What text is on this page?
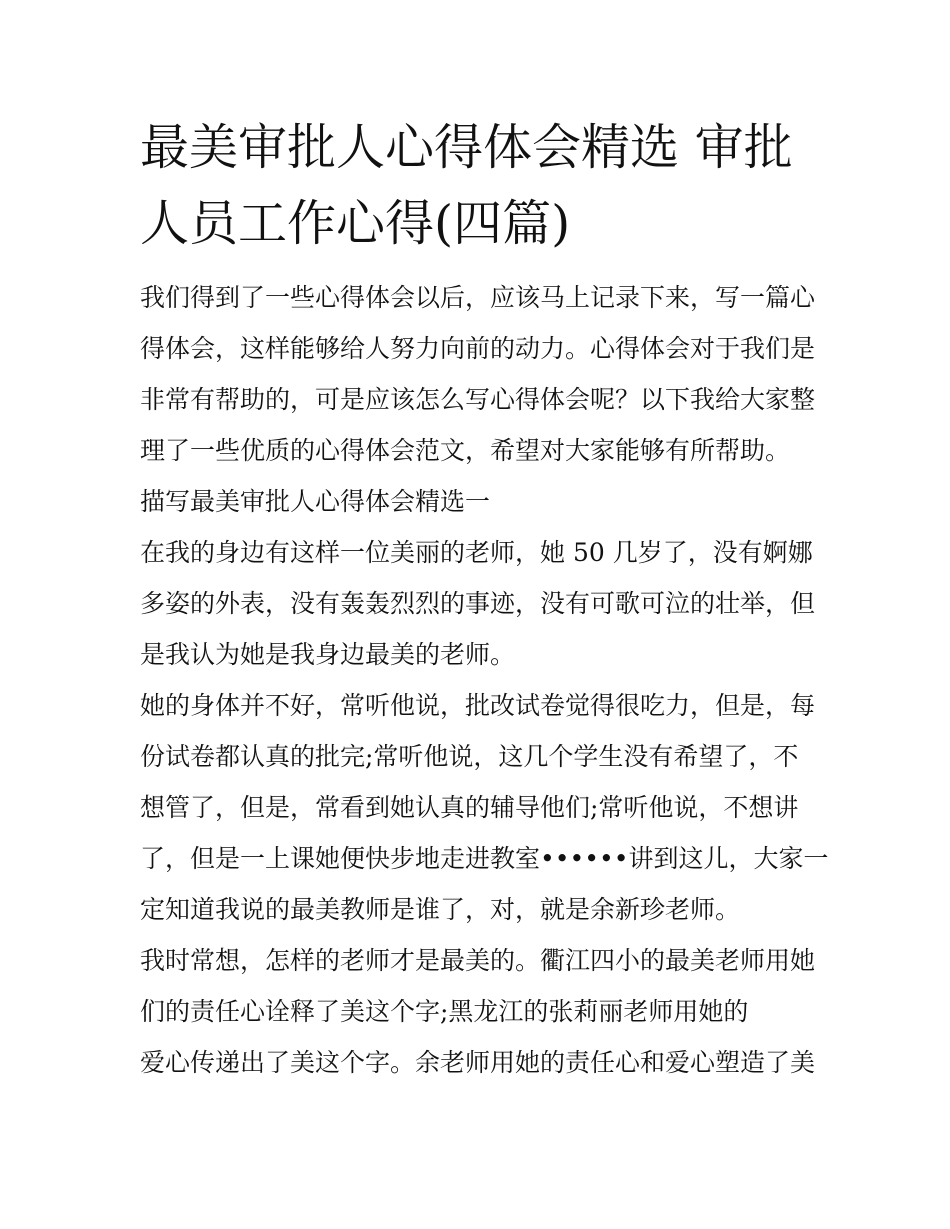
最美审批人心得体会精选 审批
人员工作心得(四篇)
我们得到了一些心得体会以后，应该马上记录下来，写一篇心
得体会，这样能够给人努力向前的动力。心得体会对于我们是
非常有帮助的，可是应该怎么写心得体会呢？以下我给大家整
理了一些优质的心得体会范文，希望对大家能够有所帮助。
描写最美审批人心得体会精选一
在我的身边有这样一位美丽的老师，她 50 几岁了，没有婀娜
多姿的外表，没有轰轰烈烈的事迹，没有可歌可泣的壮举，但
是我认为她是我身边最美的老师。
她的身体并不好，常听他说，批改试卷觉得很吃力，但是，每
份试卷都认真的批完;常听他说，这几个学生没有希望了，不
想管了，但是，常看到她认真的辅导他们;常听他说，不想讲
了，但是一上课她便快步地走进教室••••••讲到这儿，大家一
定知道我说的最美教师是谁了，对，就是余新珍老师。
我时常想，怎样的老师才是最美的。衢江四小的最美老师用她
们的责任心诠释了美这个字;黑龙江的张莉丽老师用她的
爱心传递出了美这个字。余老师用她的责任心和爱心塑造了美
